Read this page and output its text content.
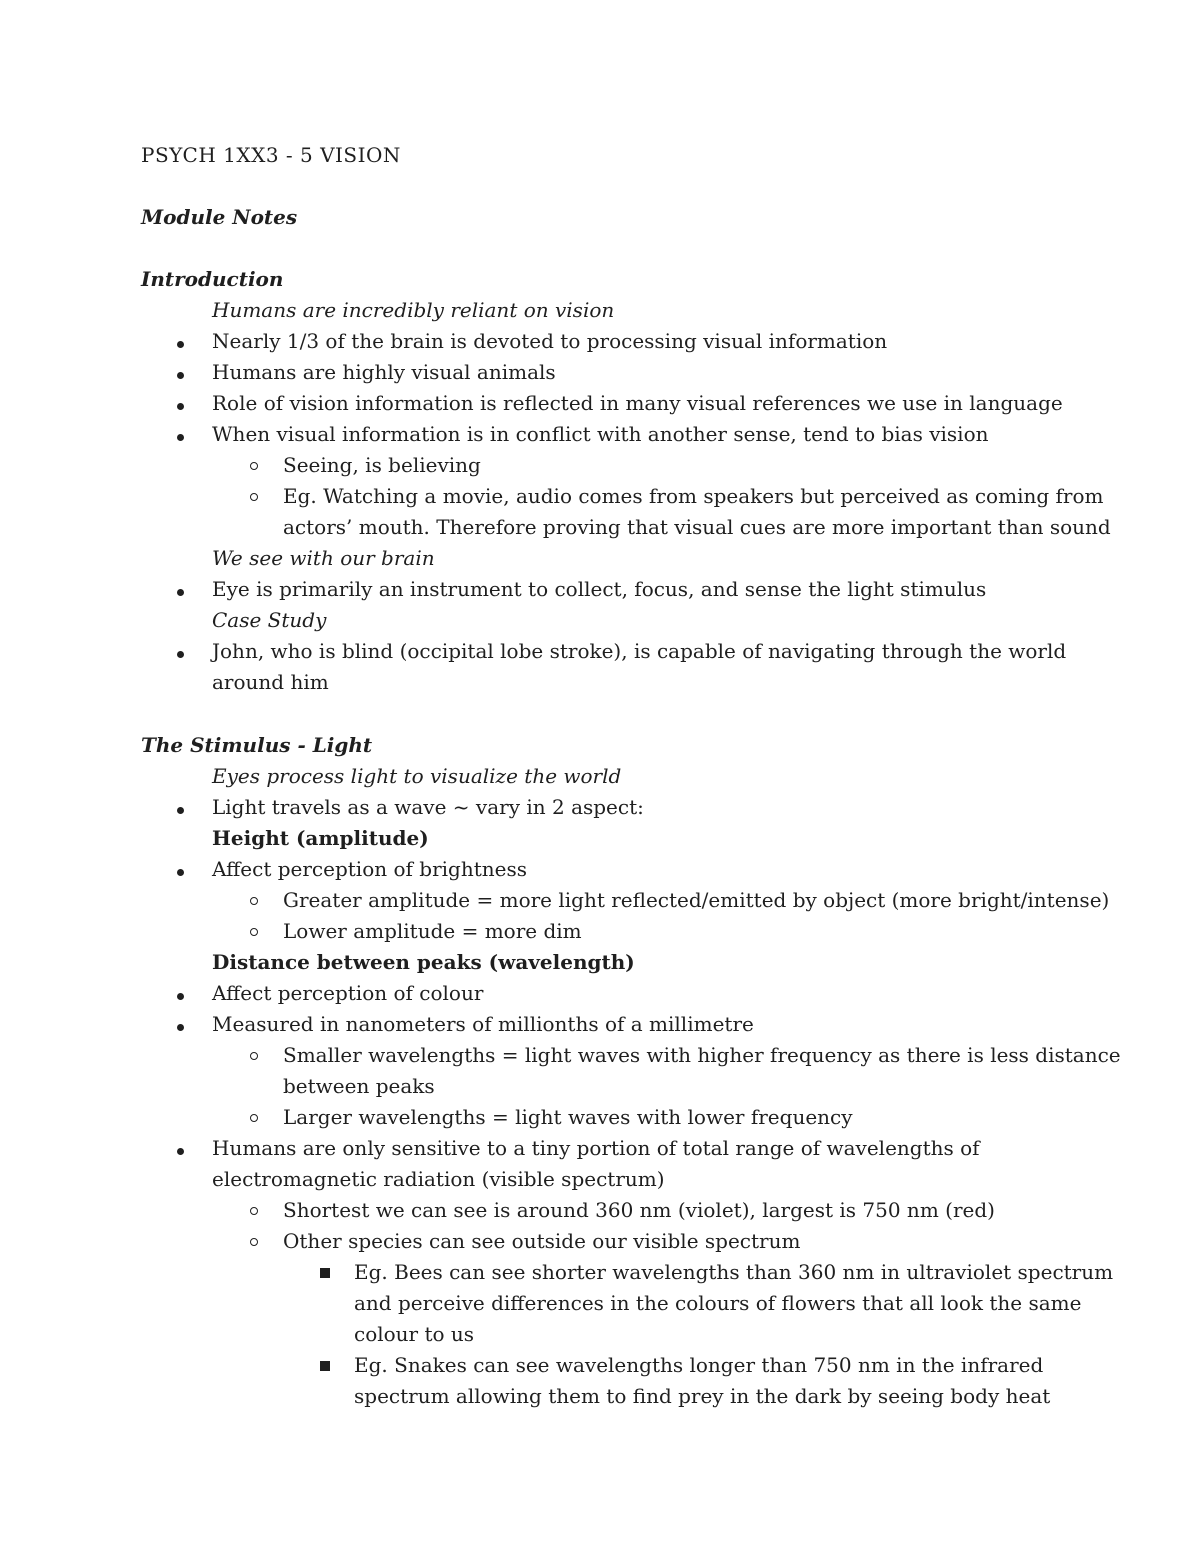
PSYCH 1XX3 - 5 VISION
Module Notes
Introduction
Humans are incredibly reliant on vision
Nearly 1/3 of the brain is devoted to processing visual information
Humans are highly visual animals
Role of vision information is reflected in many visual references we use in language
When visual information is in conflict with another sense, tend to bias vision
Seeing, is believing
Eg. Watching a movie, audio comes from speakers but perceived as coming from
actors’ mouth. Therefore proving that visual cues are more important than sound
We see with our brain
Eye is primarily an instrument to collect, focus, and sense the light stimulus
Case Study
John, who is blind (occipital lobe stroke), is capable of navigating through the world
around him
The Stimulus - Light
Eyes process light to visualize the world
Light travels as a wave ~ vary in 2 aspect:
Height (amplitude)
Affect perception of brightness
Greater amplitude = more light reflected/emitted by object (more bright/intense)
Lower amplitude = more dim
Distance between peaks (wavelength)
Affect perception of colour
Measured in nanometers of millionths of a millimetre
Smaller wavelengths = light waves with higher frequency as there is less distance
between peaks
Larger wavelengths = light waves with lower frequency
Humans are only sensitive to a tiny portion of total range of wavelengths of
electromagnetic radiation (visible spectrum)
Shortest we can see is around 360 nm (violet), largest is 750 nm (red)
Other species can see outside our visible spectrum
Eg. Bees can see shorter wavelengths than 360 nm in ultraviolet spectrum
and perceive differences in the colours of flowers that all look the same
colour to us
Eg. Snakes can see wavelengths longer than 750 nm in the infrared
spectrum allowing them to find prey in the dark by seeing body heat
